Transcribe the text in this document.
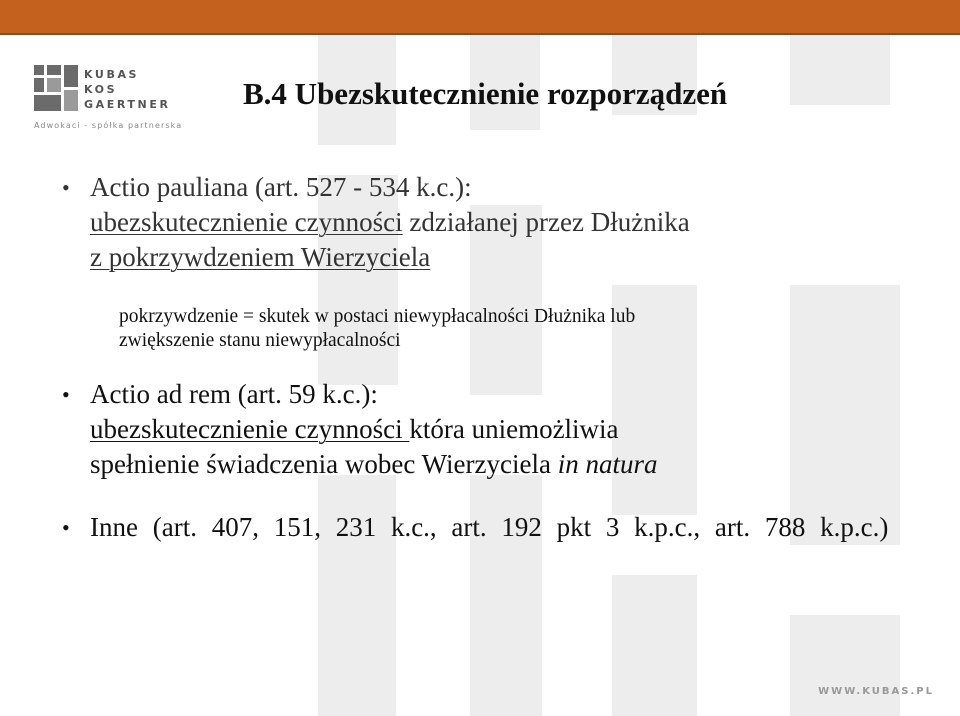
KUBAS
KOS
GAERTNER
Adwokaci - spółka partnerska
B.4 Ubezskutecznienie rozporządzeń
• Actio pauliana (art. 527 - 534 k.c.):
ubezskutecznienie czynności zdziałanej przez Dłużnika
z pokrzywdzeniem Wierzyciela
pokrzywdzenie = skutek w postaci niewypłacalności Dłużnika lub
zwiększenie stanu niewypłacalności
• Actio ad rem (art. 59 k.c.):
ubezskutecznienie czynności która uniemożliwia
spełnienie świadczenia wobec Wierzyciela in natura
• Inne (art. 407, 151, 231 k.c., art. 192 pkt 3 k.p.c., art. 788 k.p.c.)
WWW.KUBAS.PL
